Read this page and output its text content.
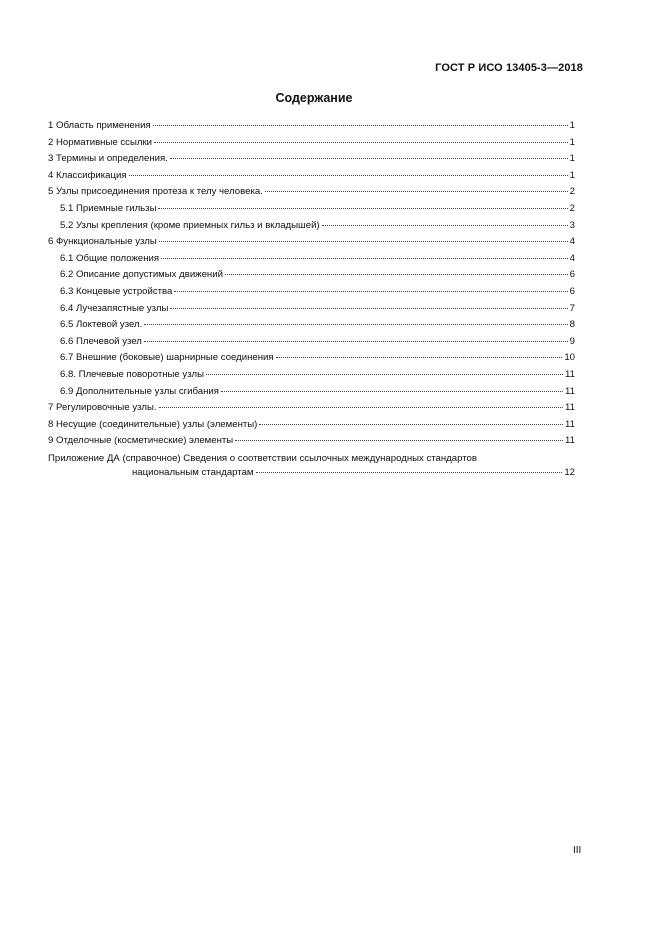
ГОСТ Р ИСО 13405-3—2018
Содержание
1 Область применения	1
2 Нормативные ссылки	1
3 Термины и определения.	1
4 Классификация	1
5 Узлы присоединения протеза к телу человека.	2
5.1 Приемные гильзы	2
5.2 Узлы крепления (кроме приемных гильз и вкладышей)	3
6 Функциональные узлы	4
6.1 Общие положения	4
6.2 Описание допустимых движений	6
6.3 Концевые устройства	6
6.4 Лучезапястные узлы	7
6.5 Локтевой узел.	8
6.6 Плечевой узел	9
6.7 Внешние (боковые) шарнирные соединения	10
6.8. Плечевые поворотные узлы	11
6.9 Дополнительные узлы сгибания	11
7 Регулировочные узлы.	11
8 Несущие (соединительные) узлы (элементы)	11
9 Отделочные (косметические) элементы	11
Приложение ДА (справочное) Сведения о соответствии ссылочных международных стандартов
национальным стандартам	12
III
